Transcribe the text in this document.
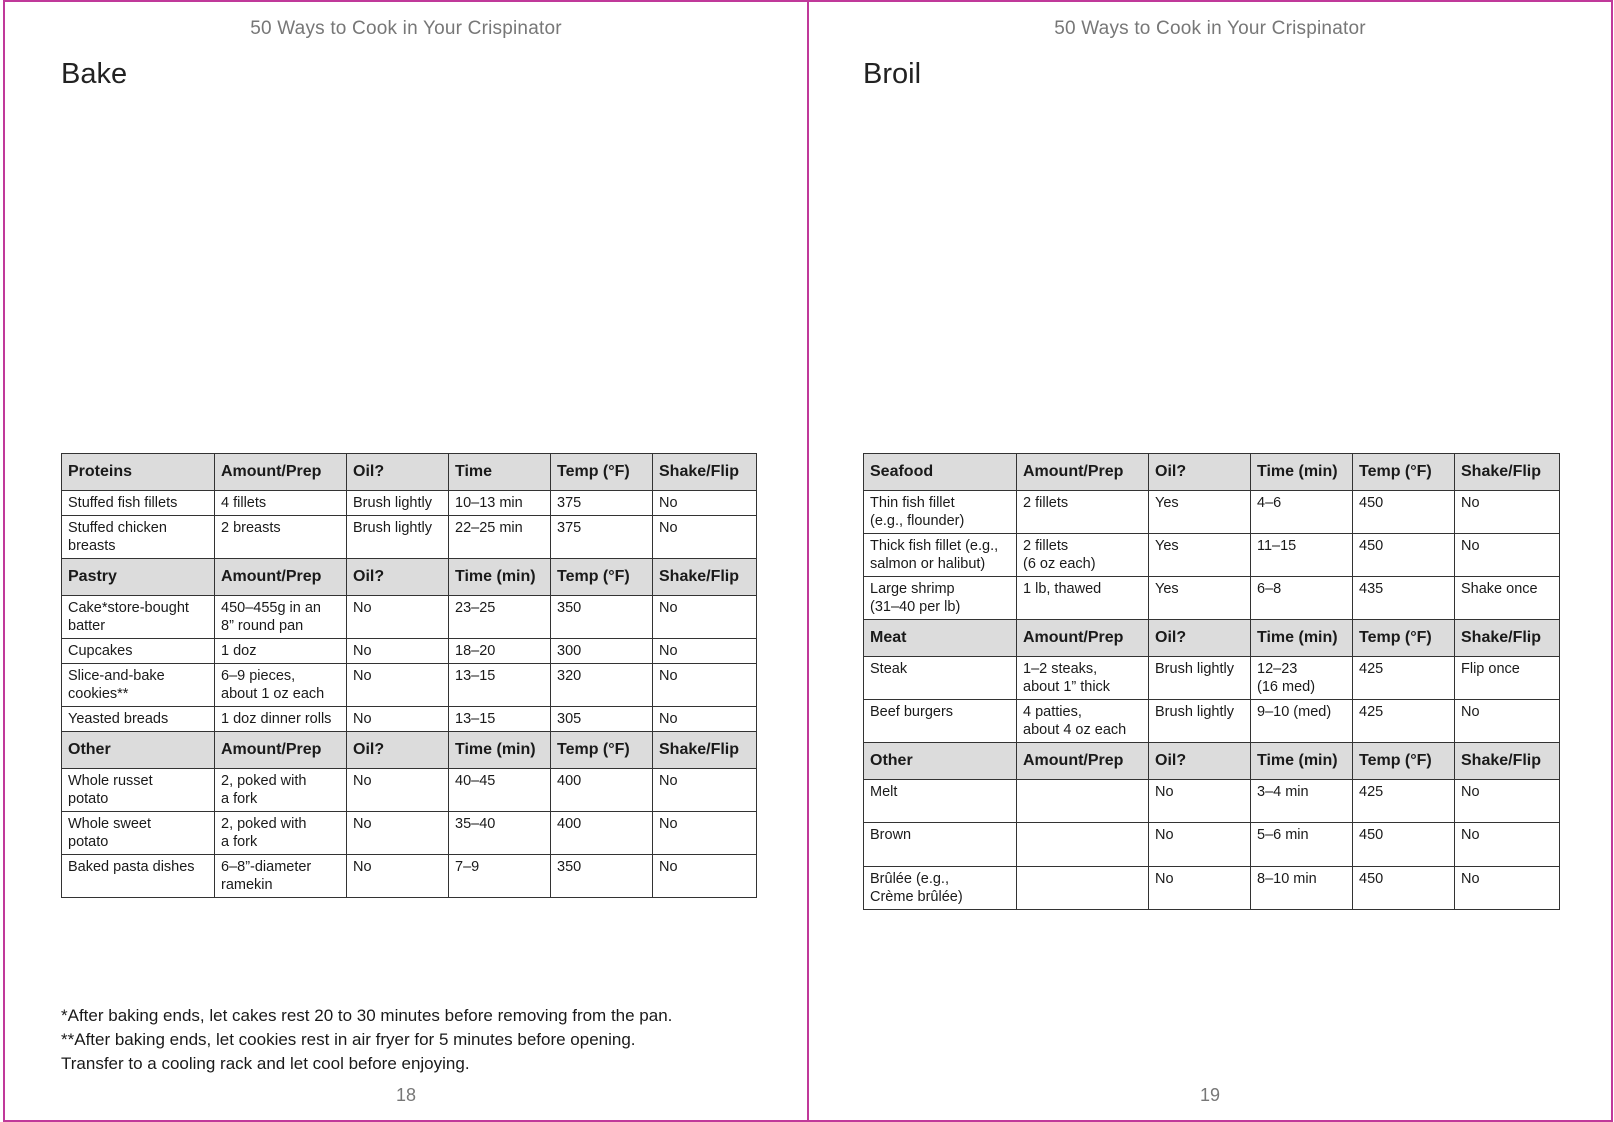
50 Ways to Cook in Your Crispinator
Bake
Proteins	Amount/Prep	Oil?	Time	Temp (°F)	Shake/Flip
Stuffed fish fillets	4 fillets	Brush lightly	10–13 min	375	No
Stuffed chicken
breasts	2 breasts	Brush lightly	22–25 min	375	No
Pastry	Amount/Prep	Oil?	Time (min)	Temp (°F)	Shake/Flip
Cake*store-bought
batter	450–455g in an
8” round pan	No	23–25	350	No
Cupcakes	1 doz	No	18–20	300	No
Slice-and-bake
cookies**	6–9 pieces,
about 1 oz each	No	13–15	320	No
Yeasted breads	1 doz dinner rolls	No	13–15	305	No
Other	Amount/Prep	Oil?	Time (min)	Temp (°F)	Shake/Flip
Whole russet
potato	2, poked with
a fork	No	40–45	400	No
Whole sweet
potato	2, poked with
a fork	No	35–40	400	No
Baked pasta dishes	6–8”-diameter
ramekin	No	7–9	350	No
*After baking ends, let cakes rest 20 to 30 minutes before removing from the pan.
**After baking ends, let cookies rest in air fryer for 5 minutes before opening.
Transfer to a cooling rack and let cool before enjoying.
18
50 Ways to Cook in Your Crispinator
Broil
Seafood	Amount/Prep	Oil?	Time (min)	Temp (°F)	Shake/Flip
Thin fish fillet
(e.g., flounder)	2 fillets	Yes	4–6	450	No
Thick fish fillet (e.g.,
salmon or halibut)	2 fillets
(6 oz each)	Yes	11–15	450	No
Large shrimp
(31–40 per lb)	1 lb, thawed	Yes	6–8	435	Shake once
Meat	Amount/Prep	Oil?	Time (min)	Temp (°F)	Shake/Flip
Steak	1–2 steaks,
about 1” thick	Brush lightly	12–23
(16 med)	425	Flip once
Beef burgers	4 patties,
about 4 oz each	Brush lightly	9–10 (med)	425	No
Other	Amount/Prep	Oil?	Time (min)	Temp (°F)	Shake/Flip
Melt		No	3–4 min	425	No
Brown		No	5–6 min	450	No
Brûlée (e.g.,
Crème brûlée)		No	8–10 min	450	No
19
